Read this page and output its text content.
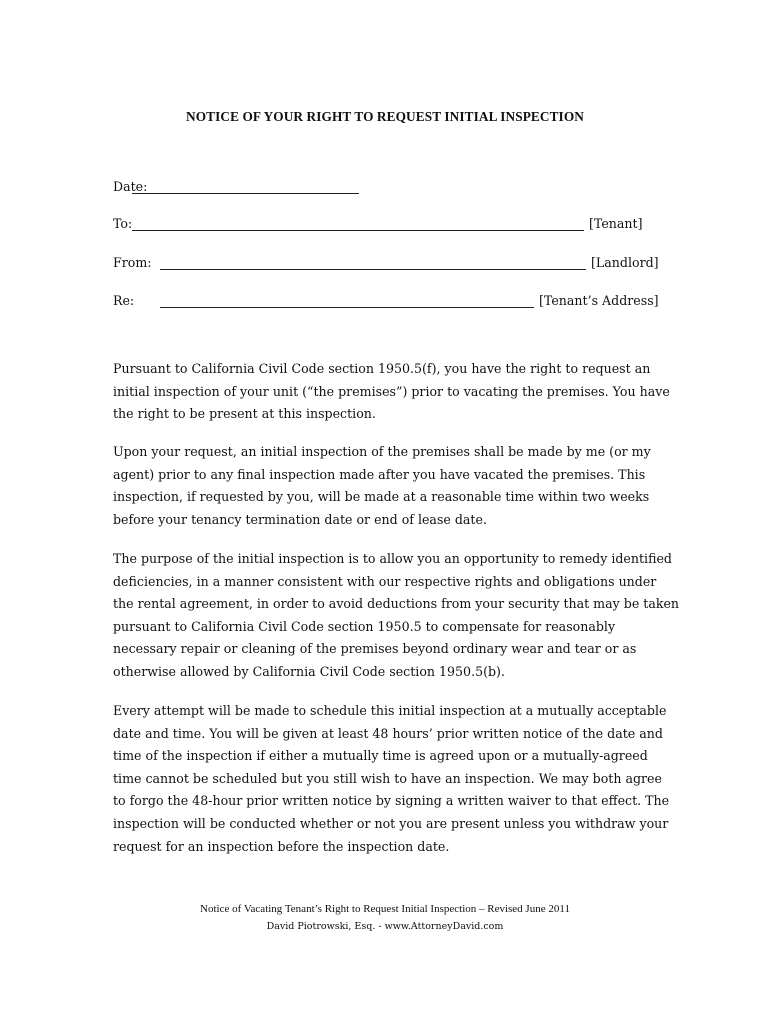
NOTICE OF YOUR RIGHT TO REQUEST INITIAL INSPECTION
Date:
To:	[Tenant]
From:	[Landlord]
Re:	[Tenant’s Address]

Pursuant to California Civil Code section 1950.5(f), you have the right to request an
initial inspection of your unit (“the premises”) prior to vacating the premises. You have
the right to be present at this inspection.

Upon your request, an initial inspection of the premises shall be made by me (or my
agent) prior to any final inspection made after you have vacated the premises. This
inspection, if requested by you, will be made at a reasonable time within two weeks
before your tenancy termination date or end of lease date.

The purpose of the initial inspection is to allow you an opportunity to remedy identified
deficiencies, in a manner consistent with our respective rights and obligations under
the rental agreement, in order to avoid deductions from your security that may be taken
pursuant to California Civil Code section 1950.5 to compensate for reasonably
necessary repair or cleaning of the premises beyond ordinary wear and tear or as
otherwise allowed by California Civil Code section 1950.5(b).

Every attempt will be made to schedule this initial inspection at a mutually acceptable
date and time. You will be given at least 48 hours’ prior written notice of the date and
time of the inspection if either a mutually time is agreed upon or a mutually-agreed
time cannot be scheduled but you still wish to have an inspection. We may both agree
to forgo the 48-hour prior written notice by signing a written waiver to that effect. The
inspection will be conducted whether or not you are present unless you withdraw your
request for an inspection before the inspection date.

Notice of Vacating Tenant’s Right to Request Initial Inspection – Revised June 2011
David Piotrowski, Esq. - www.AttorneyDavid.com
